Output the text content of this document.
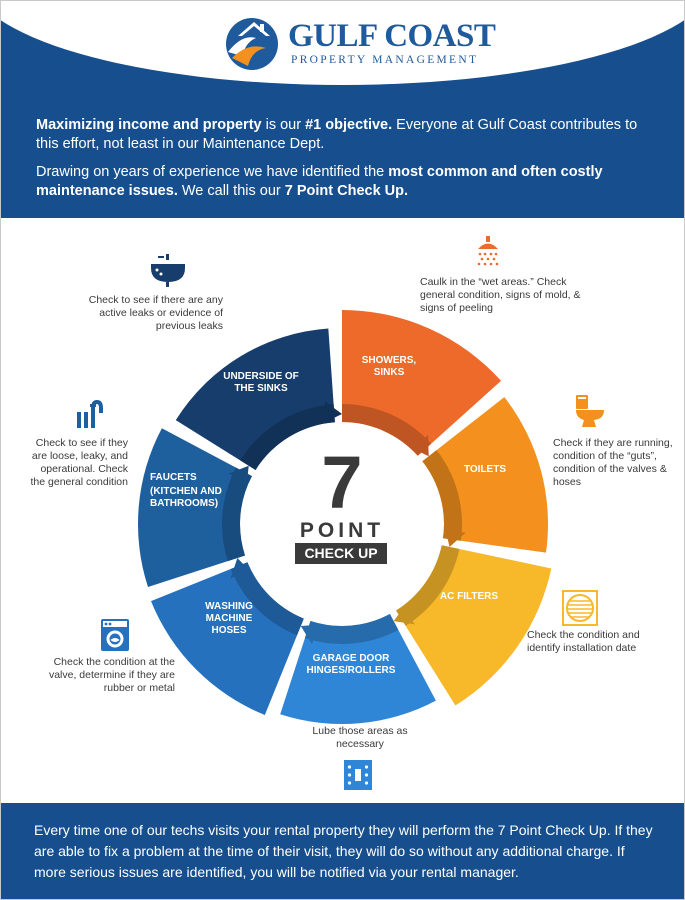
GULF COAST
PROPERTY MANAGEMENT

Maximizing income and property is our #1 objective. Everyone at Gulf Coast contributes to this effort, not least in our Maintenance Dept.

Drawing on years of experience we have identified the most common and often costly maintenance issues. We call this our 7 Point Check Up.

SHOWERS, SINKS
TOILETS
AC FILTERS
GARAGE DOOR HINGES/ROLLERS
WASHING MACHINE HOSES
FAUCETS
(KITCHEN AND BATHROOMS)
UNDERSIDE OF THE SINKS
7
POINT
CHECK UP
Caulk in the “wet areas.” Check general condition, signs of mold, & signs of peeling
Check if they are running, condition of the “guts”, condition of the valves & hoses
Check the condition and identify installation date
Lube those areas as necessary
Check the condition at the valve, determine if they are rubber or metal
Check to see if they are loose, leaky, and operational. Check the general condition
Check to see if there are any active leaks or evidence of previous leaks
Every time one of our techs visits your rental property they will perform the 7 Point Check Up. If they are able to fix a problem at the time of their visit, they will do so without any additional charge. If more serious issues are identified, you will be notified via your rental manager.
